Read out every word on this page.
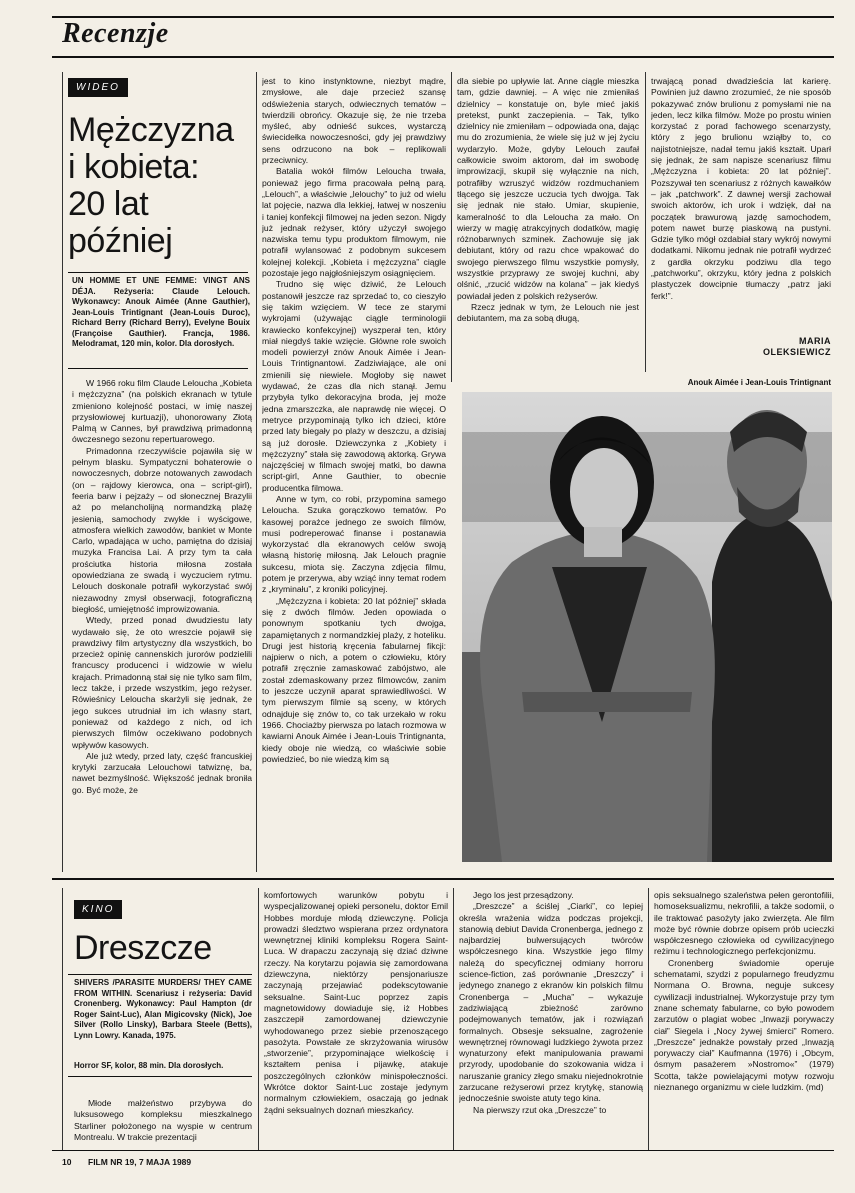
Recenzje
WIDEO
Mężczyzna
i kobieta:
20 lat
później
UN HOMME ET UNE FEMME: VINGT ANS DÉJA. Reżyseria: Claude Lelouch. Wykonawcy: Anouk Aimée (Anne Gauthier), Jean-Louis Trintignant (Jean-Louis Duroc), Richard Berry (Richard Berry), Evelyne Bouix (Françoise Gauthier). Francja, 1986. Melodramat, 120 min, kolor. Dla dorosłych.

W 1966 roku film Claude Lelouchа „Kobieta i mężczyzna” (na polskich ekranach w tytule zmieniono kolejność postaci, w imię naszej przysłowiowej kurtuazji), uhonorowany Złotą Palmą w Cannes, był prawdziwą primadonną ówczesnego sezonu repertuarowego.

Primadonna rzeczywiście pojawiła się w pełnym blasku. Sympatyczni bohaterowie o nowoczesnych, dobrze notowanych zawodach (on – rajdowy kierowca, ona – script-girl), feeria barw i pejzaży – od słonecznej Brazylii aż po melancholijną normandzką plażę jesienią, samochody zwykłe i wyścigowe, atmosfera wielkich zawodów, bankiet w Monte Carlo, wpadająca w ucho, pamiętna do dzisiaj muzyka Francisa Lai. A przy tym ta cała prościutka historia miłosna została opowiedziana ze swadą i wyczuciem rytmu. Lelouch doskonale potrafił wykorzystać swój niezawodny zmysł obserwacji, fotograficzną biegłość, umiejętność improwizowania.

Wtedy, przed ponad dwudziestu laty wydawało się, że oto wreszcie pojawił się prawdziwy film artystyczny dla wszystkich, bo przecież opinię cannenskich jurorów podzielili francuscy producenci i widzowie w wielu krajach. Primadonną stał się nie tylko sam film, lecz także, i przede wszystkim, jego reżyser. Rówieśnicy Lelouchа skarżyli się jednak, że jego sukces utrudniał im ich własny start, ponieważ od każdego z nich, od ich pierwszych filmów oczekiwano podobnych wpływów kasowych.

Ale już wtedy, przed laty, część francuskiej krytyki zarzucała Lelouchowi tatwiznę, ba, nawet bezmyślność. Większość jednak broniła go. Być może, że

jest to kino instynktowne, niezbyt mądre, zmysłowe, ale daje przecież szansę odświeżenia starych, odwiecznych tematów – twierdzili obrońcy. Okazuje się, że nie trzeba myśleć, aby odnieść sukces, wystarczą świecidełka nowoczesności, gdy jej prawdziwy sens odrzucono na bok – replikowali przeciwnicy.

Batalia wokół filmów Lelouchа trwała, ponieważ jego firma pracowała pełną parą. „Lelouch”, a właściwie „lelouchy” to już od wielu lat pojęcie, nazwa dla lekkiej, łatwej w noszeniu i taniej konfekcji filmowej na jeden sezon. Nigdy już jednak reżyser, który użyczył swojego nazwiska temu typu produktom filmowym, nie potrafił wylansować z podobnym sukcesem kolejnej kolekcji. „Kobieta i mężczyzna” ciągle pozostaje jego najgłośniejszym osiągnięciem.

Trudno się więc dziwić, że Lelouch postanowił jeszcze raz sprzedać to, co cieszyło się takim wzięciem. W tece ze starymi wykrojami (używając ciągle terminologii krawiecko konfekcyjnej) wyszperał ten, który miał niegdyś takie wzięcie. Główne role swoich modeli powierzył znów Anouk Aimée i Jean-Louis Trintignantowi. Zadziwiające, ale oni zmienili się niewiele. Mogłoby się nawet wydawać, że czas dla nich stanął. Jemu przybyła tylko dekoracyjna broda, jej może jedna zmarszczka, ale naprawdę nie więcej. O metryce przypominają tylko ich dzieci, które przed laty biegały po plaży w deszczu, a dzisiaj są już dorosłe. Dziewczynka z „Kobiety i mężczyzny” stała się zawodową aktorką. Grywa najczęściej w filmach swojej matki, bo dawna script-girl, Anne Gauthier, to obecnie producentka filmowa.

Anne w tym, co robi, przypomina samego Lelouchа. Szuka gorączkowo tematów. Po kasowej porażce jednego ze swoich filmów, musi podreperować finanse i postanawia wykorzystać dla ekranowych celów swoją własną historię miłosną. Jak Lelouch pragnie sukcesu, miota się. Zaczyna zdjęcia filmu, potem je przerywa, aby wziąć inny temat rodem z „kryminału”, z kroniki policyjnej.

„Mężczyzna i kobieta: 20 lat później” składa się z dwóch filmów. Jeden opowiada o ponownym spotkaniu tych dwojga, zapamiętanych z normandzkiej plaży, z hoteliku. Drugi jest historią kręcenia fabularnej fikcji: najpierw o nich, a potem o człowieku, który potrafił zręcznie zamaskować zabójstwo, ale został zdemaskowany przez filmowców, zanim to jeszcze uczynił aparat sprawiedliwości. W tym pierwszym filmie są sceny, w których odnajduje się znów to, co tak urzekało w roku 1966. Chociażby pierwsza po latach rozmowa w kawiarni Anouk Aimée i Jean-Louis Trintignanta, kiedy oboje nie wiedzą, co właściwie sobie powiedzieć, bo nie wiedzą kim są

dla siebie po upływie lat. Anne ciągle mieszka tam, gdzie dawniej. – A więc nie zmieniłaś dzielnicy – konstatuje on, byle mieć jakiś pretekst, punkt zaczepienia. – Tak, tylko dzielnicy nie zmieniłam – odpowiada ona, dając mu do zrozumienia, że wiele się już w jej życiu wydarzyło. Może, gdyby Lelouch zaufał całkowicie swoim aktorom, dał im swobodę improwizacji, skupił się wyłącznie na nich, potrafiłby wzruszyć widzów rozdmuchaniem tłącego się jeszcze uczucia tych dwojga. Tak się jednak nie stało. Umiar, skupienie, kameralność to dla Lelouchа za mało. On wierzy w magię atrakcyjnych dodatków, magię różnobarwnych szminek. Zachowuje się jak debiutant, który od razu chce wpakować do swojego pierwszego filmu wszystkie pomysły, wszystkie przyprawy ze swojej kuchni, aby olśnić, „rzucić widzów na kolana” – jak kiedyś powiadał jeden z polskich reżyserów.

Rzecz jednak w tym, że Lelouch nie jest debiutantem, ma za sobą długą,

trwającą ponad dwadzieścia lat karierę. Powinien już dawno zrozumieć, że nie sposób pokazywać znów brulionu z pomysłami nie na jeden, lecz kilka filmów. Może po prostu winien korzystać z porad fachowego scenarzysty, który z jego brulionu wziąłby to, co najistotniejsze, nadał temu jakiś kształt. Uparł się jednak, że sam napisze scenariusz filmu „Mężczyzna i kobieta: 20 lat później”. Pozszywał ten scenariusz z różnych kawałków – jak „patchwork”. Z dawnej wersji zachował swoich aktorów, ich urok i wdzięk, dał na początek brawurową jazdę samochodem, potem nawet burzę piaskową na pustyni. Gdzie tylko mógł ozdabiał stary wykrój nowymi dodatkami. Nikomu jednak nie potrafił wydrzeć z gardła okrzyku podziwu dla tego „patchworku”, okrzyku, który jedna z polskich plastyczek dowcipnie tłumaczy „patrz jaki ferk!”.

MARIA
OLEKSIEWICZ
Anouk Aimée i Jean-Louis Trintignant
KINO
Dreszcze
SHIVERS /PARASITE MURDERS/ THEY CAME FROM WITHIN. Scenariusz i reżyseria: David Cronenberg. Wykonawcy: Paul Hampton (dr Roger Saint-Luc), Alan Migicovsky (Nick), Joe Silver (Rollo Linsky), Barbara Steele (Betts), Lynn Lowry. Kanada, 1975.
Horror SF, kolor, 88 min. Dla dorosłych.

Młode małżeństwo przybywa do luksusowego kompleksu mieszkalnego Starliner położonego na wyspie w centrum Montrealu. W trakcie prezentacji

komfortowych warunków pobytu i wyspecjalizowanej opieki personelu, doktor Emil Hobbes morduje młodą dziewczynę. Policja prowadzi śledztwo wspierana przez ordynatora wewnętrznej kliniki kompleksu Rogera Saint-Luca. W drapaczu zaczynają się dziać dziwne rzeczy. Na korytarzu pojawia się zamordowana dziewczyna, niektórzy pensjonariusze zaczynają przejawiać podekscytowanie seksualne. Saint-Luc poprzez zapis magnetowidowy dowiaduje się, iż Hobbes zaszczepił zamordowanej dziewczynie wyhodowanego przez siebie przenoszącego pasożyta. Powstałe ze skrzyżowania wirusów „stworzenie”, przypominające wielkościę i kształtem penisa i pijawkę, atakuje poszczególnych członków minispołeczności. Wkrótce doktor Saint-Luc zostaje jedynym normalnym człowiekiem, osaczają go jednak żądni seksualnych doznań mieszkańcy.

Jego los jest przesądzony.

„Dreszcze” a ściślej „Ciarki”, co lepiej określa wrażenia widza podczas projekcji, stanowią debiut Davida Cronenberga, jednego z najbardziej bulwersujących twórców współczesnego kina. Wszystkie jego filmy należą do specyficznej odmiany horroru science-fiction, zaś porównanie „Dreszczy” i jedynego znanego z ekranów kin polskich filmu Cronenberga – „Mucha” – wykazuje zadziwiającą zbieżność zarówno podejmowanych tematów, jak i rozwiązań formalnych. Obsesje seksualne, zagrożenie wewnętrznej równowagi ludzkiego żywota przez wynaturzony efekt manipulowania prawami przyrody, upodobanie do szokowania widza i naruszanie granicy złego smaku niejednokrotnie zarzucane reżyserowi przez krytykę, stanowią jednocześnie swoiste atuty tego kina.

Na pierwszy rzut oka „Dreszcze” to

opis seksualnego szaleństwa pełen gerontofilii, homoseksualizmu, nekrofilii, a także sodomii, o ile traktować pasożyty jako zwierzęta. Ale film może być równie dobrze opisem prób ucieczki współczesnego człowieka od cywilizacyjnego reżimu i technologicznego perfekcjonizmu.

Cronenberg świadomie operuje schematami, szydzi z popularnego freudyzmu Normana O. Browna, neguje sukcesy cywilizacji industrialnej. Wykorzystuje przy tym znane schematy fabularne, co było powodem zarzutów o plagiat wobec „Inwazji porywaczy ciał” Siegela i „Nocy żywej śmierci” Romero. „Dreszcze” jednakże powstały przed „Inwazją porywaczy ciał” Kaufmanna (1976) i „Obcym, ósmym pasażerem »Nostromo«” (1979) Scotta, także powielającymi motyw rozwoju nieznanego organizmu w ciele ludzkim. (md)

10 FILM NR 19, 7 MAJA 1989
